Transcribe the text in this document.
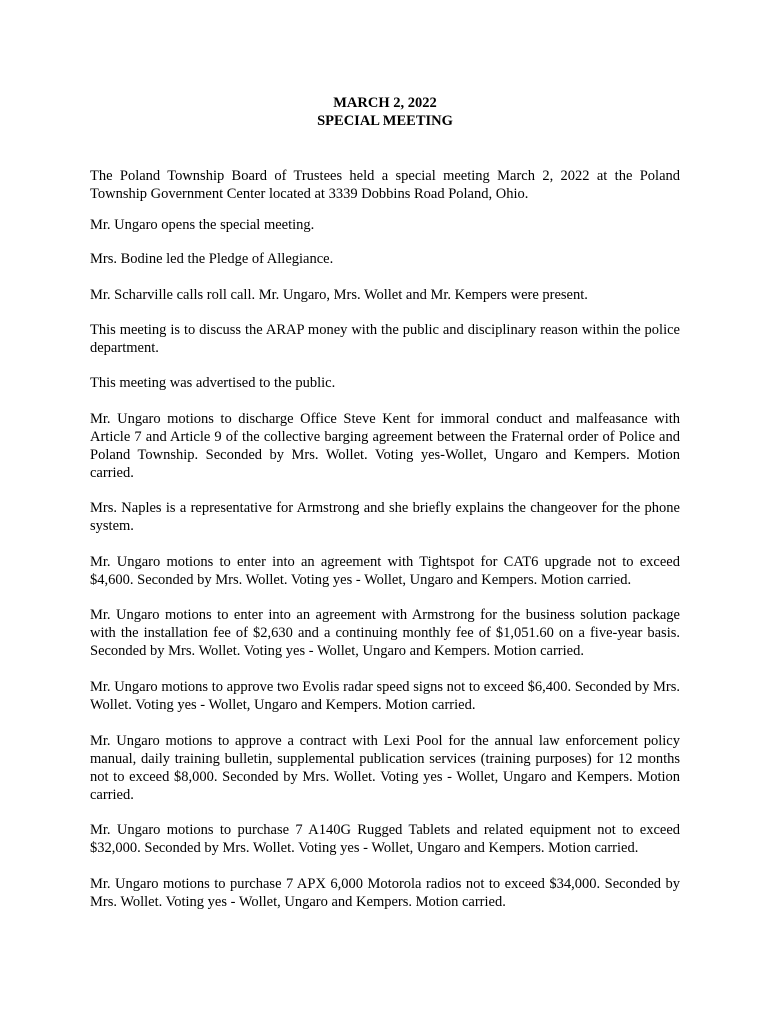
MARCH 2, 2022
SPECIAL MEETING

The Poland Township Board of Trustees held a special meeting March 2, 2022 at the Poland Township Government Center located at 3339 Dobbins Road Poland, Ohio.

Mr. Ungaro opens the special meeting.

Mrs. Bodine led the Pledge of Allegiance.

Mr. Scharville calls roll call. Mr. Ungaro, Mrs. Wollet and Mr. Kempers were present.

This meeting is to discuss the ARAP money with the public and disciplinary reason within the police department.

This meeting was advertised to the public.

Mr. Ungaro motions to discharge Office Steve Kent for immoral conduct and malfeasance with Article 7 and Article 9 of the collective barging agreement between the Fraternal order of Police and Poland Township. Seconded by Mrs. Wollet. Voting yes-Wollet, Ungaro and Kempers. Motion carried.

Mrs. Naples is a representative for Armstrong and she briefly explains the changeover for the phone system.

Mr. Ungaro motions to enter into an agreement with Tightspot for CAT6 upgrade not to exceed $4,600. Seconded by Mrs. Wollet. Voting yes - Wollet, Ungaro and Kempers. Motion carried.

Mr. Ungaro motions to enter into an agreement with Armstrong for the business solution package with the installation fee of $2,630 and a continuing monthly fee of $1,051.60 on a five-year basis. Seconded by Mrs. Wollet. Voting yes - Wollet, Ungaro and Kempers. Motion carried.

Mr. Ungaro motions to approve two Evolis radar speed signs not to exceed $6,400. Seconded by Mrs. Wollet. Voting yes - Wollet, Ungaro and Kempers. Motion carried.

Mr. Ungaro motions to approve a contract with Lexi Pool for the annual law enforcement policy manual, daily training bulletin, supplemental publication services (training purposes) for 12 months not to exceed $8,000. Seconded by Mrs. Wollet. Voting yes - Wollet, Ungaro and Kempers. Motion carried.

Mr. Ungaro motions to purchase 7 A140G Rugged Tablets and related equipment not to exceed $32,000. Seconded by Mrs. Wollet. Voting yes - Wollet, Ungaro and Kempers. Motion carried.

Mr. Ungaro motions to purchase 7 APX 6,000 Motorola radios not to exceed $34,000. Seconded by Mrs. Wollet. Voting yes - Wollet, Ungaro and Kempers. Motion carried.
